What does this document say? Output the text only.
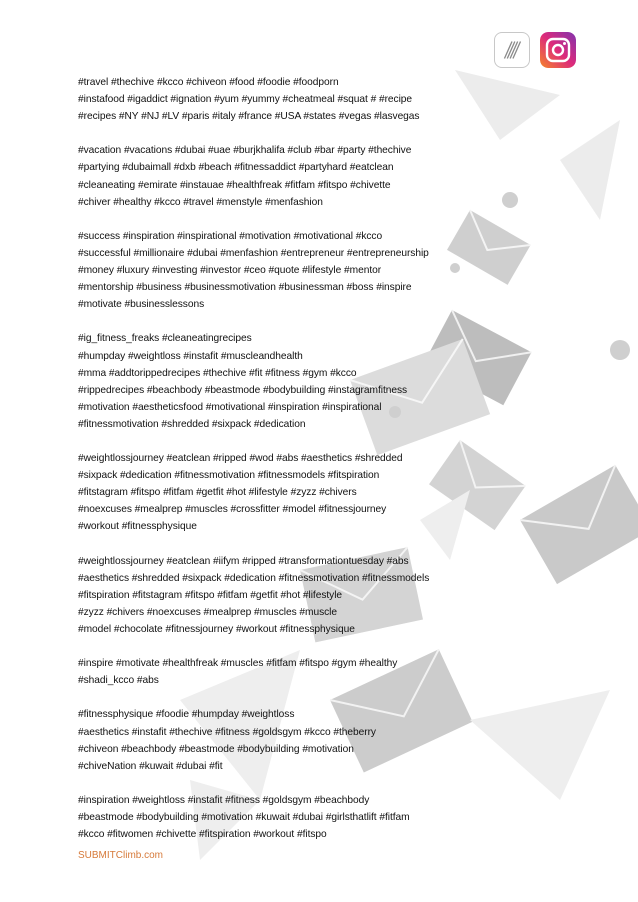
#travel #thechive #kcco #chiveon #food #foodie #foodporn
#instafood #igaddict #ignation #yum #yummy #cheatmeal #squat # #recipe
#recipes #NY #NJ #LV #paris #italy #france #USA #states #vegas #lasvegas
#vacation #vacations #dubai #uae #burjkhalifa #club #bar #party #thechive
#partying #dubaimall #dxb #beach #fitnessaddict #partyhard #eatclean
#cleaneating #emirate #instauae #healthfreak #fitfam #fitspo #chivette
#chiver #healthy #kcco #travel #menstyle #menfashion
#success #inspiration #inspirational #motivation #motivational #kcco
#successful #millionaire #dubai #menfashion #entrepreneur #entrepreneurship
#money #luxury #investing #investor #ceo #quote #lifestyle #mentor
#mentorship #business #businessmotivation #businessman #boss #inspire
#motivate #businesslessons
#ig_fitness_freaks #cleaneatingrecipes
#humpday #weightloss #instafit #muscleandhealth
#mma #addtorippedrecipes #thechive #fit #fitness #gym #kcco
#rippedrecipes #beachbody #beastmode #bodybuilding #instagramfitness
#motivation #aestheticsfood #motivational #inspiration #inspirational
#fitnessmotivation #shredded #sixpack #dedication
#weightlossjourney #eatclean #ripped #wod #abs #aesthetics #shredded
#sixpack #dedication #fitnessmotivation #fitnessmodels #fitspiration
#fitstagram #fitspo #fitfam #getfit #hot #lifestyle #zyzz #chivers
#noexcuses #mealprep #muscles #crossfitter #model #fitnessjourney
#workout #fitnessphysique
#weightlossjourney #eatclean #iifym #ripped #transformationtuesday #abs
#aesthetics #shredded #sixpack #dedication #fitnessmotivation #fitnessmodels
#fitspiration #fitstagram #fitspo #fitfam #getfit #hot #lifestyle
#zyzz #chivers #noexcuses #mealprep #muscles #muscle
#model #chocolate #fitnessjourney #workout #fitnessphysique
#inspire #motivate #healthfreak #muscles #fitfam #fitspo #gym #healthy
#shadi_kcco #abs
#fitnessphysique #foodie #humpday #weightloss
#aesthetics #instafit #thechive #fitness #goldsgym #kcco #theberry
#chiveon #beachbody #beastmode #bodybuilding #motivation
#chiveNation #kuwait #dubai #fit
#inspiration #weightloss #instafit #fitness #goldsgym #beachbody
#beastmode #bodybuilding #motivation #kuwait #dubai #girlsthatlift #fitfam
#kcco #fitwomen #chivette #fitspiration #workout #fitspo
SUBMITClimb.com
